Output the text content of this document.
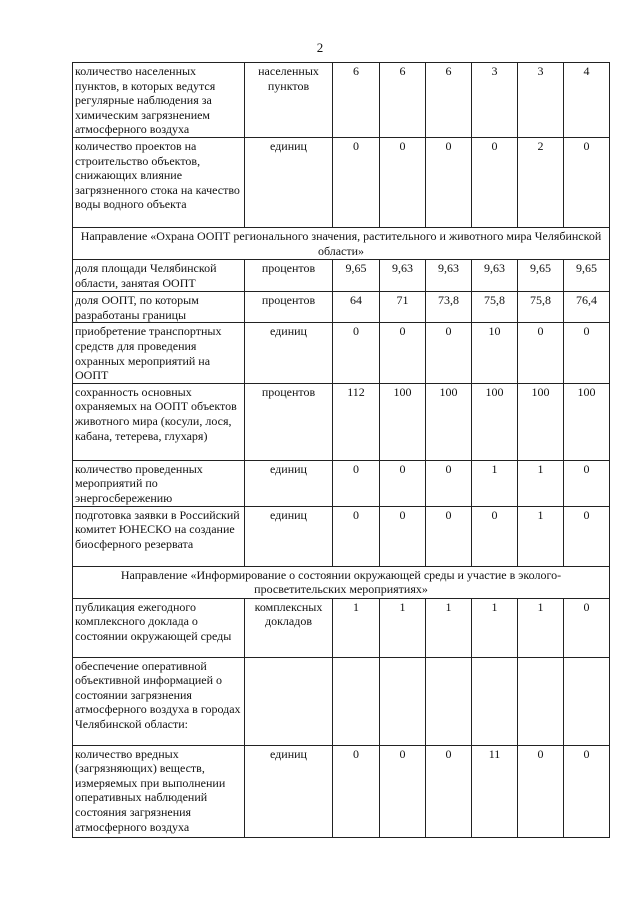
2
количество населенных пунктов, в которых ведутся регулярные наблюдения за химическим загрязнением атмосферного воздуха	населенных пунктов	6	6	6	3	3	4
количество проектов на строительство объектов, снижающих влияние загрязненного стока на качество воды водного объекта	единиц	0	0	0	0	2	0
Направление «Охрана ООПТ регионального значения, растительного и животного мира Челябинской области»							
доля площади Челябинской области, занятая ООПТ	процентов	9,65	9,63	9,63	9,63	9,65	9,65
доля ООПТ, по которым разработаны границы	процентов	64	71	73,8	75,8	75,8	76,4
приобретение транспортных средств для проведения охранных мероприятий на ООПТ	единиц	0	0	0	10	0	0
сохранность основных охраняемых на ООПТ объектов животного мира (косули, лося, кабана, тетерева, глухаря)	процентов	112	100	100	100	100	100
количество проведенных мероприятий по энергосбережению	единиц	0	0	0	1	1	0
подготовка заявки в Российский комитет ЮНЕСКО на создание биосферного резервата	единиц	0	0	0	0	1	0
Направление «Информирование о состоянии окружающей среды и участие в эколого-просветительских мероприятиях»							
публикация ежегодного комплексного доклада о состоянии окружающей среды	комплексных докладов	1	1	1	1	1	0
обеспечение оперативной объективной информацией о состоянии загрязнения атмосферного воздуха в городах Челябинской области:							
количество вредных (загрязняющих) веществ, измеряемых при выполнении оперативных наблюдений состояния загрязнения атмосферного воздуха	единиц	0	0	0	11	0	0
